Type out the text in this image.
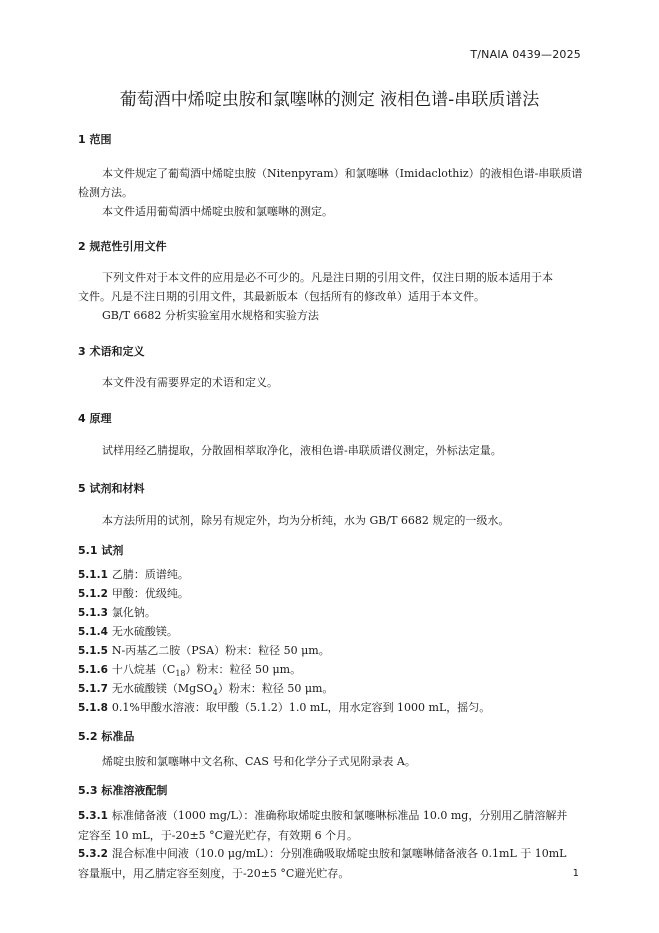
T/NAIA 0439—2025
葡萄酒中烯啶虫胺和氯噻啉的测定 液相色谱-串联质谱法
1 范围
本文件规定了葡萄酒中烯啶虫胺（Nitenpyram）和氯噻啉（Imidaclothiz）的液相色谱-串联质谱
检测方法。
本文件适用葡萄酒中烯啶虫胺和氯噻啉的测定。
2 规范性引用文件
下列文件对于本文件的应用是必不可少的。凡是注日期的引用文件，仅注日期的版本适用于本
文件。凡是不注日期的引用文件，其最新版本（包括所有的修改单）适用于本文件。
GB/T 6682 分析实验室用水规格和实验方法
3 术语和定义
本文件没有需要界定的术语和定义。
4 原理
试样用经乙腈提取，分散固相萃取净化，液相色谱-串联质谱仪测定，外标法定量。
5 试剂和材料
本方法所用的试剂，除另有规定外，均为分析纯，水为 GB/T 6682 规定的一级水。
5.1 试剂
5.1.1 乙腈：质谱纯。
5.1.2 甲酸：优级纯。
5.1.3 氯化钠。
5.1.4 无水硫酸镁。
5.1.5 N-丙基乙二胺（PSA）粉末：粒径 50 μm。
5.1.6 十八烷基$(C_{18})$粉末：粒径 50 μm。
5.1.7 无水硫酸镁（MgSO$_4$）粉末：粒径 50 μm。
5.1.8 0.1%甲酸水溶液：取甲酸（5.1.2）1.0 mL，用水定容到 1000 mL，摇匀。
5.2 标准品
烯啶虫胺和氯噻啉中文名称、CAS 号和化学分子式见附录表 A。
5.3 标准溶液配制
5.3.1 标准储备液（1000 mg/L）：准确称取烯啶虫胺和氯噻啉标准品 10.0 mg，分别用乙腈溶解并
定容至 10 mL，于-20±5 °C避光贮存，有效期 6 个月。
5.3.2 混合标准中间液（10.0 μg/mL）：分别准确吸取烯啶虫胺和氯噻啉储备液各 0.1mL 于 10mL
容量瓶中，用乙腈定容至刻度，于-20±5 °C避光贮存。	1
